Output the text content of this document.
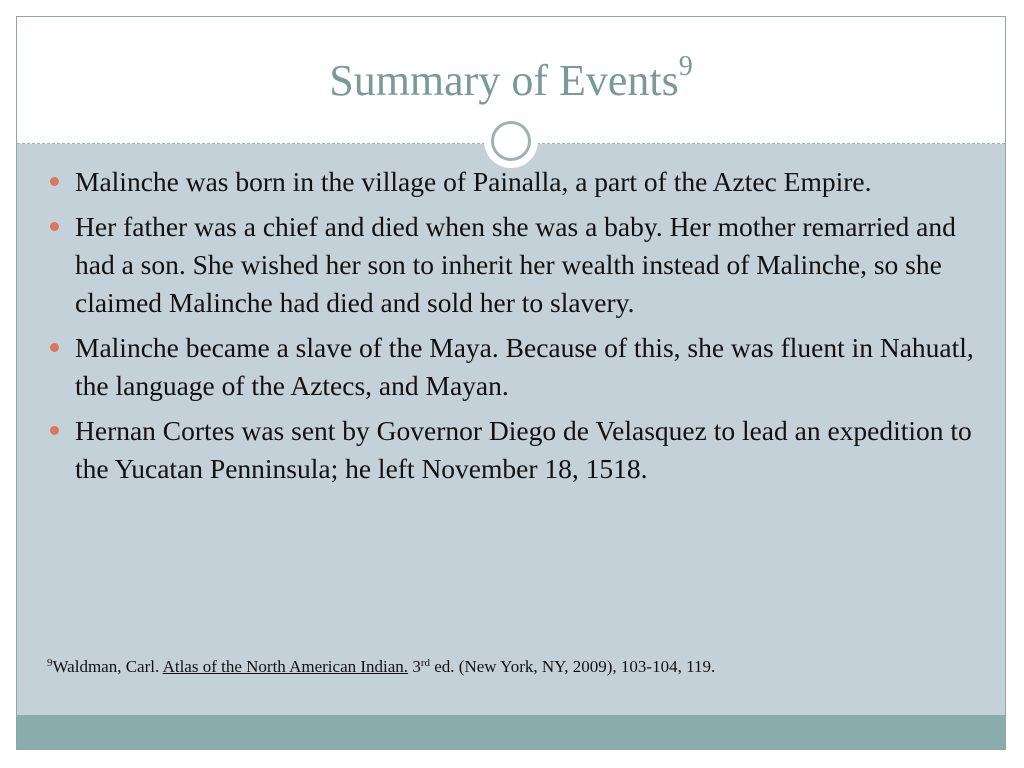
Summary of Events$^9$
Malinche was born in the village of Painalla, a part of the Aztec Empire.
Her father was a chief and died when she was a baby. Her mother remarried and had a son. She wished her son to inherit her wealth instead of Malinche, so she claimed Malinche had died and sold her to slavery.
Malinche became a slave of the Maya. Because of this, she was fluent in Nahuatl, the language of the Aztecs, and Mayan.
Hernan Cortes was sent by Governor Diego de Velasquez to lead an expedition to the Yucatan Penninsula; he left November 18, 1518.
$^9$Waldman, Carl. Atlas of the North American Indian. 3rd ed. (New York, NY, 2009), 103-104, 119.
